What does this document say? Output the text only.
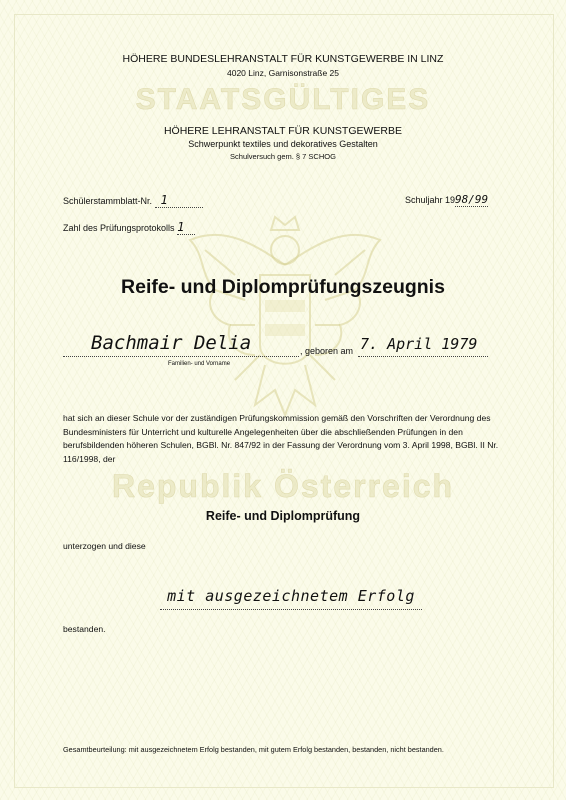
STAATSGÜLTIGES
Republik Österreich
HÖHERE BUNDESLEHRANSTALT FÜR KUNSTGEWERBE IN LINZ
4020 Linz, Garnisonstraße 25
HÖHERE LEHRANSTALT FÜR KUNSTGEWERBE
Schwerpunkt textiles und dekoratives Gestalten
Schulversuch gem. § 7 SCHOG
Schülerstammblatt-Nr. 1	Schuljahr 1998/99
Zahl des Prüfungsprotokolls 1
Reife- und Diplomprüfungszeugnis
Bachmair Delia
Familien- und Vorname
, geboren am 7. April 1979
hat sich an dieser Schule vor der zuständigen Prüfungskommission gemäß den Vorschriften der Verordnung des Bundesministers für Unterricht und kulturelle Angelegenheiten über die abschließenden Prüfungen in den berufsbildenden höheren Schulen, BGBl. Nr. 847/92 in der Fassung der Verordnung vom 3. April 1998, BGBl. II Nr. 116/1998, der
Reife- und Diplomprüfung
unterzogen und diese
mit ausgezeichnetem Erfolg
bestanden.
Gesamtbeurteilung: mit ausgezeichnetem Erfolg bestanden, mit gutem Erfolg bestanden, bestanden, nicht bestanden.
